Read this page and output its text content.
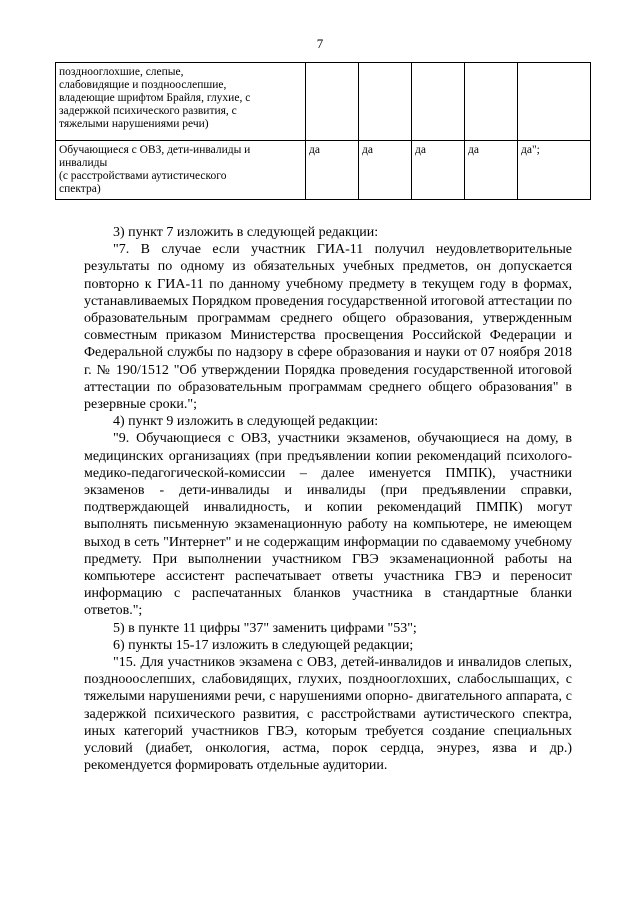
7
позднооглохшие, слепые,
слабовидящие и поздноослепшие,
владеющие шрифтом Брайля, глухие, с
задержкой психического развития, с
тяжелыми нарушениями речи)					

Обучающиеся с ОВЗ, дети-инвалиды и
инвалиды
(с расстройствами аутистического
спектра)	да	да	да	да	да";

3) пункт 7 изложить в следующей редакции:

"7. В случае если участник ГИА-11 получил неудовлетворительные результаты по одному из обязательных учебных предметов, он допускается повторно к ГИА-11 по данному учебному предмету в текущем году в формах, устанавливаемых Порядком проведения государственной итоговой аттестации по образовательным программам среднего общего образования, утвержденным совместным приказом Министерства просвещения Российской Федерации и Федеральной службы по надзору в сфере образования и науки от 07 ноября 2018 г. № 190/1512 "Об утверждении Порядка проведения государственной итоговой аттестации по образовательным программам среднего общего образования" в резервные сроки.";

4) пункт 9 изложить в следующей редакции:

"9. Обучающиеся с ОВЗ, участники экзаменов, обучающиеся на дому, в медицинских организациях (при предъявлении копии рекомендаций психолого-медико-педагогической-комиссии – далее именуется ПМПК), участники экзаменов - дети-инвалиды и инвалиды (при предъявлении справки, подтверждающей инвалидность, и копии рекомендаций ПМПК) могут выполнять письменную экзаменационную работу на компьютере, не имеющем выход в сеть "Интернет" и не содержащим информации по сдаваемому учебному предмету. При выполнении участником ГВЭ экзаменационной работы на компьютере ассистент распечатывает ответы участника ГВЭ и переносит информацию с распечатанных бланков участника в стандартные бланки ответов.";

5) в пункте 11 цифры "37" заменить цифрами "53";

6) пункты 15-17 изложить в следующей редакции;

"15. Для участников экзамена с ОВЗ, детей-инвалидов и инвалидов слепых, позднооослепших, слабовидящих, глухих, позднооглохших, слабослышащих, с тяжелыми нарушениями речи, с нарушениями опорно- двигательного аппарата, с задержкой психического развития, с расстройствами аутистического спектра, иных категорий участников ГВЭ, которым требуется создание специальных условий (диабет, онкология, астма, порок сердца, энурез, язва и др.) рекомендуется формировать отдельные аудитории.
